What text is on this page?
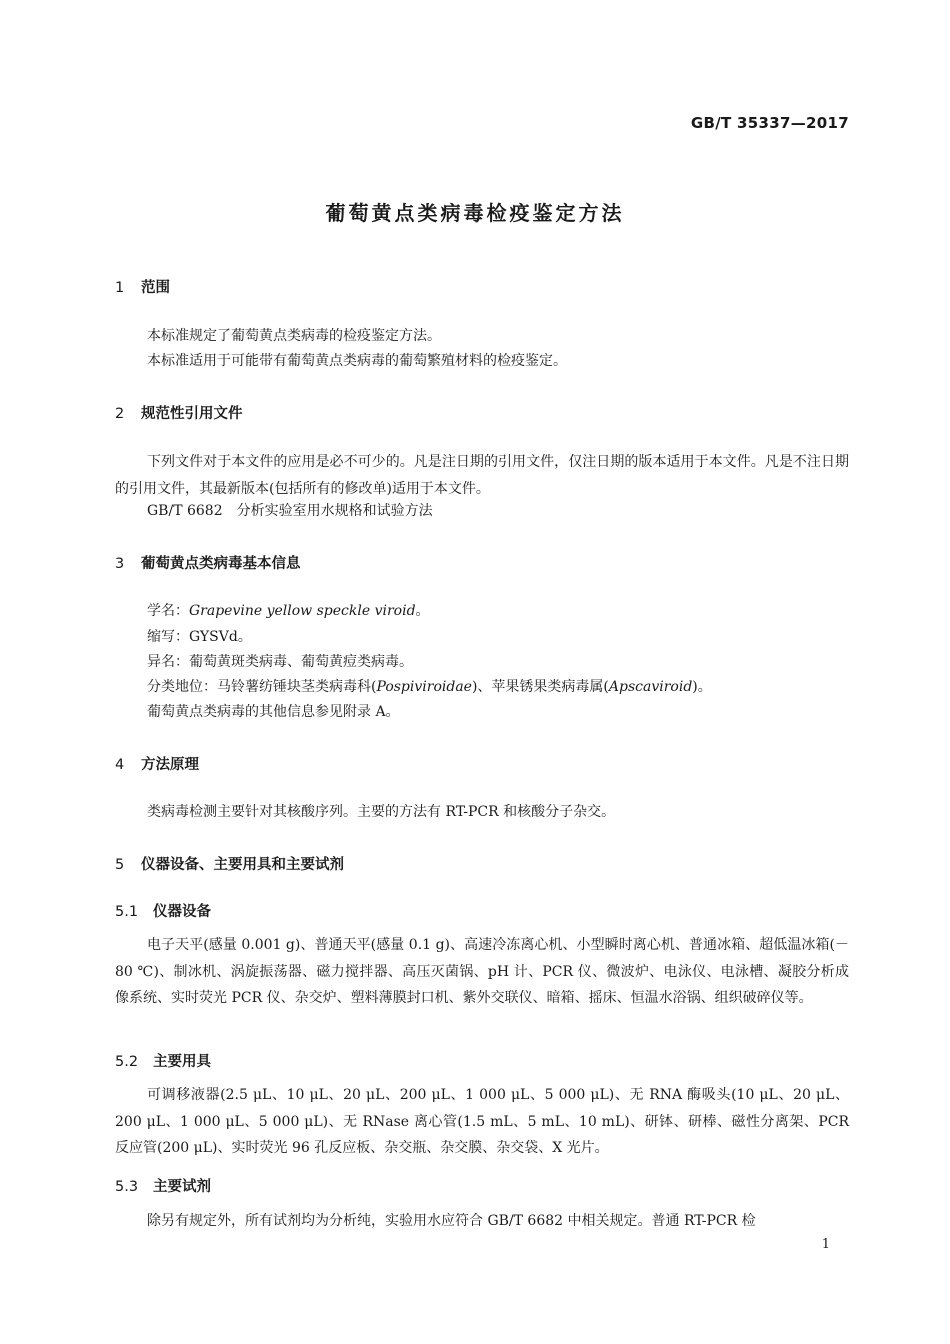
GB/T 35337—2017
葡萄黄点类病毒检疫鉴定方法
1 范围
本标准规定了葡萄黄点类病毒的检疫鉴定方法。
本标准适用于可能带有葡萄黄点类病毒的葡萄繁殖材料的检疫鉴定。
2 规范性引用文件
下列文件对于本文件的应用是必不可少的。凡是注日期的引用文件，仅注日期的版本适用于本文件。凡是不注日期的引用文件，其最新版本(包括所有的修改单)适用于本文件。
GB/T 6682　分析实验室用水规格和试验方法
3 葡萄黄点类病毒基本信息
学名：Grapevine yellow speckle viroid。
缩写：GYSVd。
异名：葡萄黄斑类病毒、葡萄黄痘类病毒。
分类地位：马铃薯纺锤块茎类病毒科(Pospiviroidae)、苹果锈果类病毒属(Apscaviroid)。
葡萄黄点类病毒的其他信息参见附录 A。
4 方法原理
类病毒检测主要针对其核酸序列。主要的方法有 RT-PCR 和核酸分子杂交。
5 仪器设备、主要用具和主要试剂
5.1 仪器设备
电子天平(感量 0.001 g)、普通天平(感量 0.1 g)、高速冷冻离心机、小型瞬时离心机、普通冰箱、超低温冰箱(－80 ℃)、制冰机、涡旋振荡器、磁力搅拌器、高压灭菌锅、pH 计、PCR 仪、微波炉、电泳仪、电泳槽、凝胶分析成像系统、实时荧光 PCR 仪、杂交炉、塑料薄膜封口机、紫外交联仪、暗箱、摇床、恒温水浴锅、组织破碎仪等。
5.2 主要用具
可调移液器(2.5 μL、10 μL、20 μL、200 μL、1 000 μL、5 000 μL)、无 RNA 酶吸头(10 μL、20 μL、200 μL、1 000 μL、5 000 μL)、无 RNase 离心管(1.5 mL、5 mL、10 mL)、研钵、研棒、磁性分离架、PCR 反应管(200 μL)、实时荧光 96 孔反应板、杂交瓶、杂交膜、杂交袋、X 光片。
5.3 主要试剂
除另有规定外，所有试剂均为分析纯，实验用水应符合 GB/T 6682 中相关规定。普通 RT-PCR 检
1
